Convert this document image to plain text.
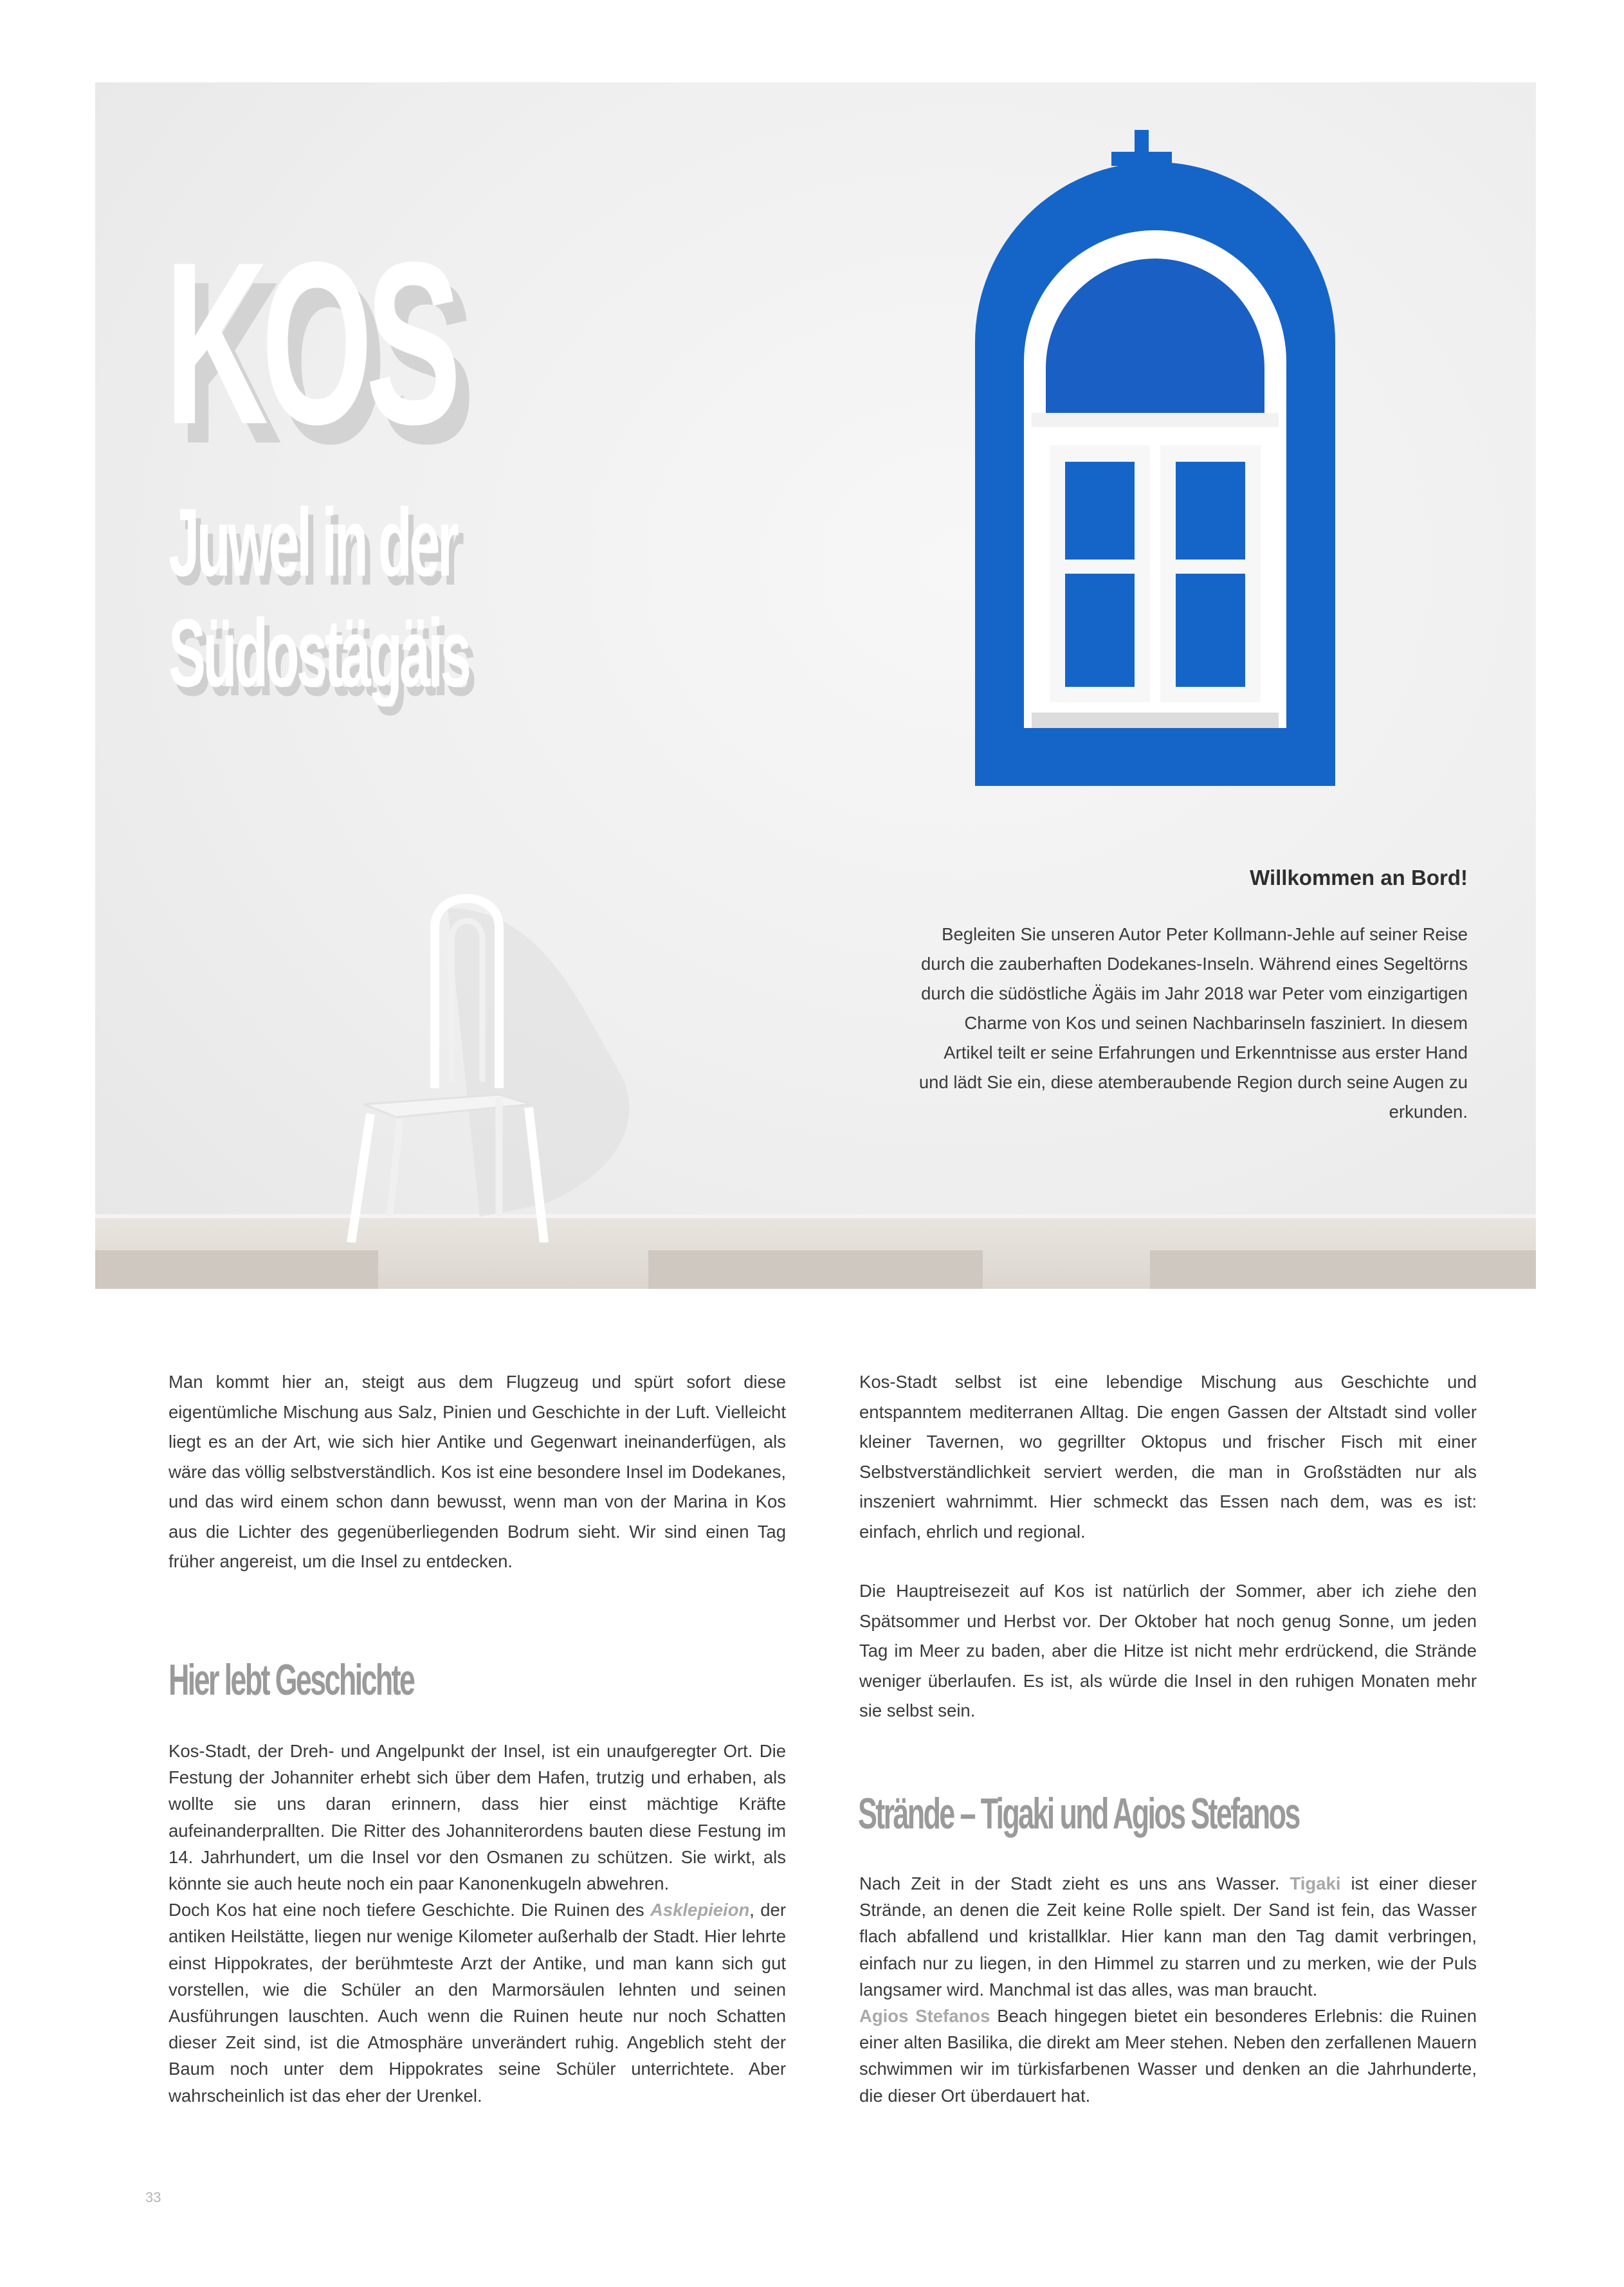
KOS
Juwel in der
Südostägäis
Willkommen an Bord!
Begleiten Sie unseren Autor Peter Kollmann-Jehle auf seiner Reise durch die zauberhaften Dodekanes-Inseln. Während eines Segeltörns durch die südöstliche Ägäis im Jahr 2018 war Peter vom einzigartigen Charme von Kos und seinen Nachbarinseln fasziniert. In diesem Artikel teilt er seine Erfahrungen und Erkenntnisse aus erster Hand und lädt Sie ein, diese atemberaubende Region durch seine Augen zu erkunden.

Man kommt hier an, steigt aus dem Flugzeug und spürt sofort diese eigentümliche Mischung aus Salz, Pinien und Geschichte in der Luft. Vielleicht liegt es an der Art, wie sich hier Antike und Gegenwart ineinanderfügen, als wäre das völlig selbstverständlich. Kos ist eine besondere Insel im Dodekanes, und das wird einem schon dann bewusst, wenn man von der Marina in Kos aus die Lichter des gegenüberliegenden Bodrum sieht. Wir sind einen Tag früher angereist, um die Insel zu entdecken.

Hier lebt Geschichte

Kos-Stadt, der Dreh- und Angelpunkt der Insel, ist ein unaufgeregter Ort. Die Festung der Johanniter erhebt sich über dem Hafen, trutzig und erhaben, als wollte sie uns daran erinnern, dass hier einst mächtige Kräfte aufeinanderprallten. Die Ritter des Johanniterordens bauten diese Festung im 14. Jahrhundert, um die Insel vor den Osmanen zu schützen. Sie wirkt, als könnte sie auch heute noch ein paar Kanonenkugeln abwehren.

Doch Kos hat eine noch tiefere Geschichte. Die Ruinen des Asklepieion, der antiken Heilstätte, liegen nur wenige Kilometer außerhalb der Stadt. Hier lehrte einst Hippokrates, der berühmteste Arzt der Antike, und man kann sich gut vorstellen, wie die Schüler an den Marmorsäulen lehnten und seinen Ausführungen lauschten. Auch wenn die Ruinen heute nur noch Schatten dieser Zeit sind, ist die Atmosphäre unverändert ruhig. Angeblich steht der Baum noch unter dem Hippokrates seine Schüler unterrichtete. Aber wahrscheinlich ist das eher der Urenkel.

Kos-Stadt selbst ist eine lebendige Mischung aus Geschichte und entspanntem mediterranen Alltag. Die engen Gassen der Altstadt sind voller kleiner Tavernen, wo gegrillter Oktopus und frischer Fisch mit einer Selbstverständlichkeit serviert werden, die man in Großstädten nur als inszeniert wahrnimmt. Hier schmeckt das Essen nach dem, was es ist: einfach, ehrlich und regional.

Die Hauptreisezeit auf Kos ist natürlich der Sommer, aber ich ziehe den Spätsommer und Herbst vor. Der Oktober hat noch genug Sonne, um jeden Tag im Meer zu baden, aber die Hitze ist nicht mehr erdrückend, die Strände weniger überlaufen. Es ist, als würde die Insel in den ruhigen Monaten mehr sie selbst sein.

Strände – Tigaki und Agios Stefanos

Nach Zeit in der Stadt zieht es uns ans Wasser. Tigaki ist einer dieser Strände, an denen die Zeit keine Rolle spielt. Der Sand ist fein, das Wasser flach abfallend und kristallklar. Hier kann man den Tag damit verbringen, einfach nur zu liegen, in den Himmel zu starren und zu merken, wie der Puls langsamer wird. Manchmal ist das alles, was man braucht.

Agios Stefanos Beach hingegen bietet ein besonderes Erlebnis: die Ruinen einer alten Basilika, die direkt am Meer stehen. Neben den zerfallenen Mauern schwimmen wir im türkisfarbenen Wasser und denken an die Jahrhunderte, die dieser Ort überdauert hat.

33
